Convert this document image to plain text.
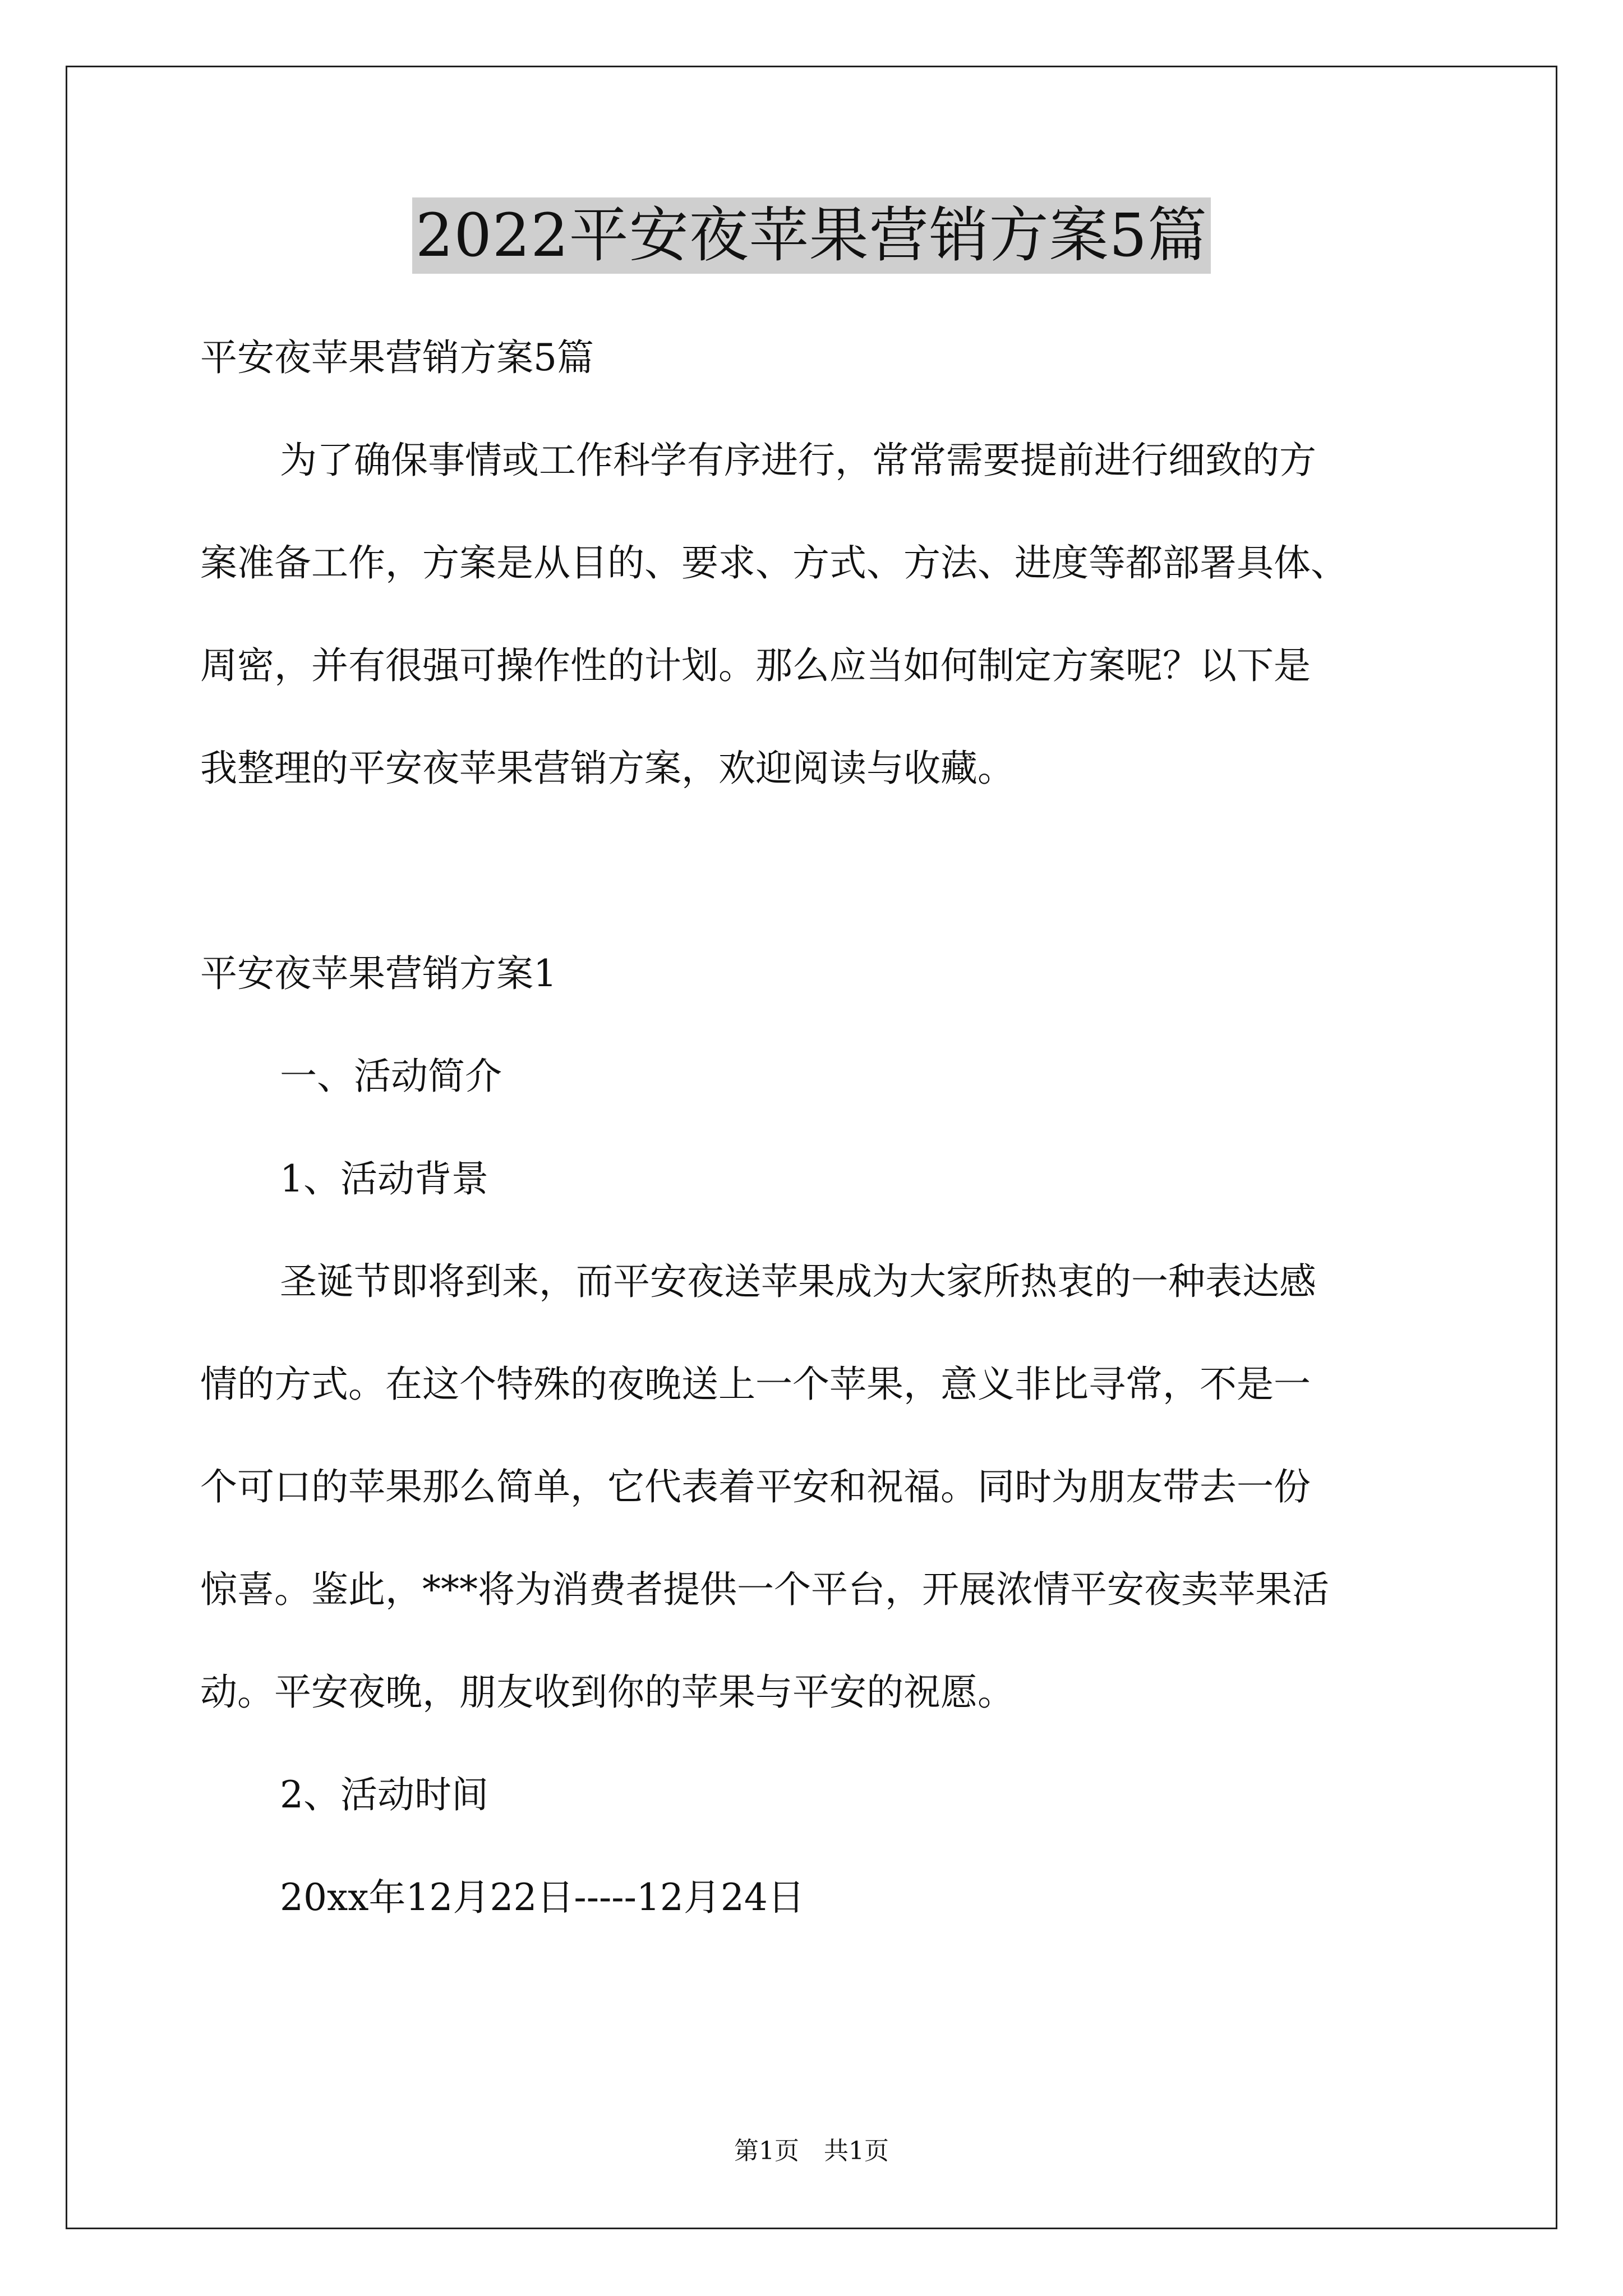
2022平安夜苹果营销方案5篇
平安夜苹果营销方案5篇
为了确保事情或工作科学有序进行，常常需要提前进行细致的方
案准备工作，方案是从目的、要求、方式、方法、进度等都部署具体、
周密，并有很强可操作性的计划。那么应当如何制定方案呢？以下是
我整理的平安夜苹果营销方案，欢迎阅读与收藏。
平安夜苹果营销方案1
一、活动简介
1、活动背景
圣诞节即将到来，而平安夜送苹果成为大家所热衷的一种表达感
情的方式。在这个特殊的夜晚送上一个苹果，意义非比寻常，不是一
个可口的苹果那么简单，它代表着平安和祝福。同时为朋友带去一份
惊喜。鉴此，***将为消费者提供一个平台，开展浓情平安夜卖苹果活
动。平安夜晚，朋友收到你的苹果与平安的祝愿。
2、活动时间
20xx年12月22日-----12月24日
第1页　共1页
